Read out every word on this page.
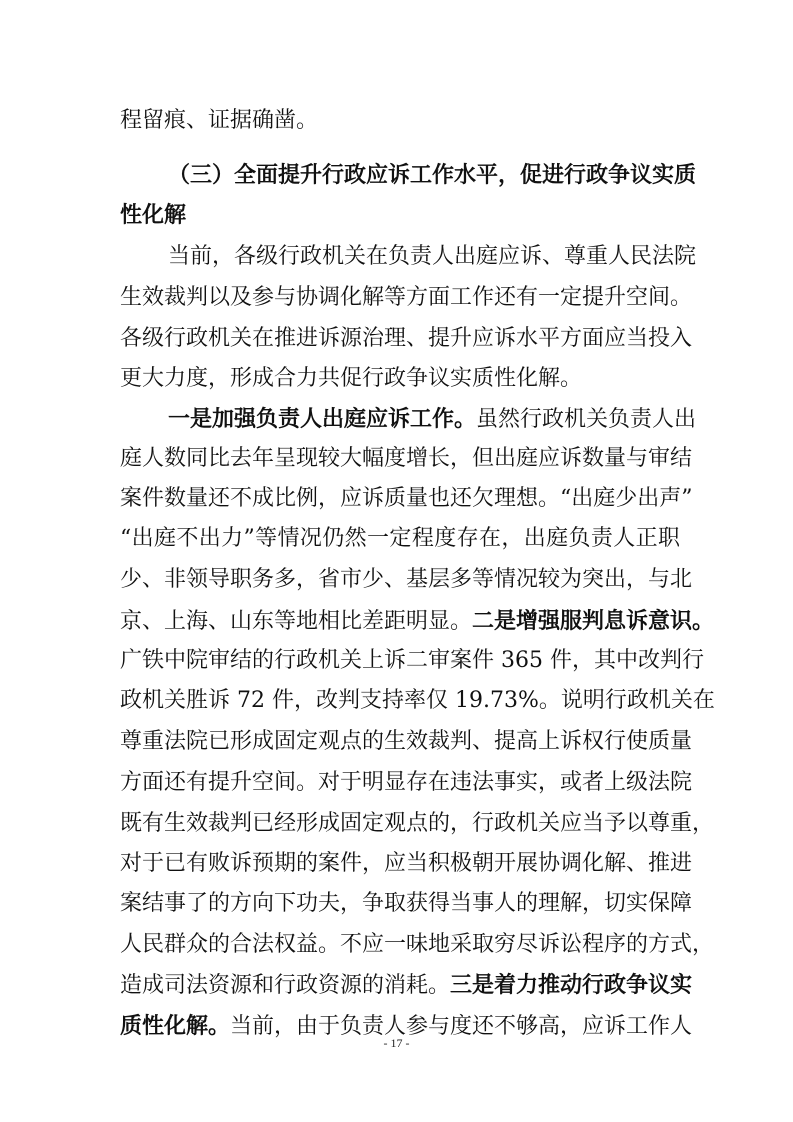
程留痕、证据确凿。
（三）全面提升行政应诉工作水平，促进行政争议实质
性化解
当前，各级行政机关在负责人出庭应诉、尊重人民法院
生效裁判以及参与协调化解等方面工作还有一定提升空间。
各级行政机关在推进诉源治理、提升应诉水平方面应当投入
更大力度，形成合力共促行政争议实质性化解。
一是加强负责人出庭应诉工作。虽然行政机关负责人出
庭人数同比去年呈现较大幅度增长，但出庭应诉数量与审结
案件数量还不成比例，应诉质量也还欠理想。“出庭少出声”
“出庭不出力”等情况仍然一定程度存在，出庭负责人正职
少、非领导职务多，省市少、基层多等情况较为突出，与北
京、上海、山东等地相比差距明显。二是增强服判息诉意识。
广铁中院审结的行政机关上诉二审案件 365 件，其中改判行
政机关胜诉 72 件，改判支持率仅 19.73%。说明行政机关在
尊重法院已形成固定观点的生效裁判、提高上诉权行使质量
方面还有提升空间。对于明显存在违法事实，或者上级法院
既有生效裁判已经形成固定观点的，行政机关应当予以尊重，
对于已有败诉预期的案件，应当积极朝开展协调化解、推进
案结事了的方向下功夫，争取获得当事人的理解，切实保障
人民群众的合法权益。不应一味地采取穷尽诉讼程序的方式，
造成司法资源和行政资源的消耗。三是着力推动行政争议实
质性化解。当前，由于负责人参与度还不够高，应诉工作人
- 17 -
